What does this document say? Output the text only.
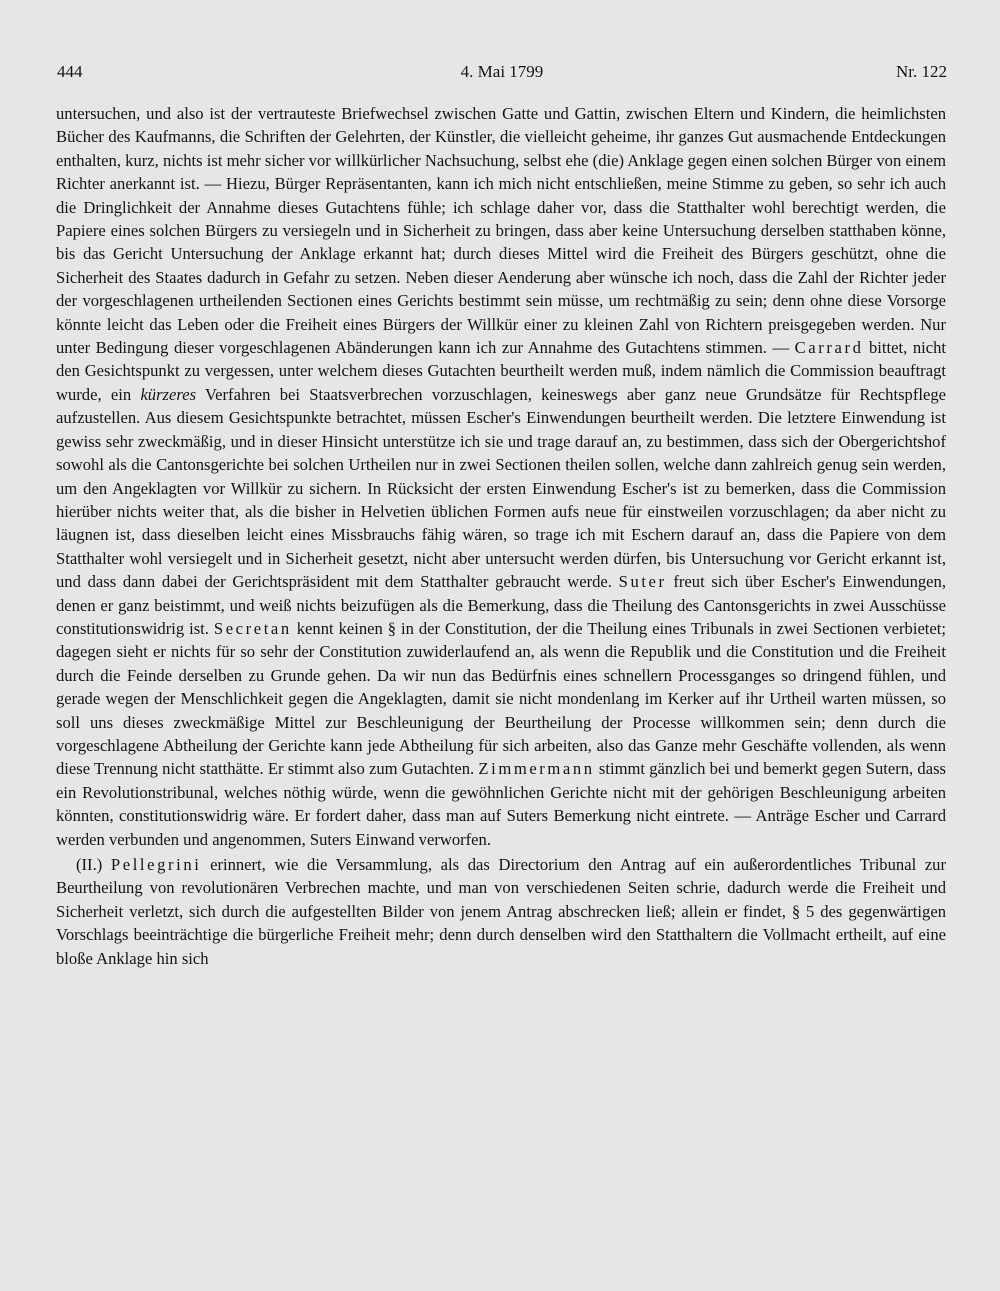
444	4. Mai 1799	Nr. 122

untersuchen, und also ist der vertrauteste Briefwechsel zwischen Gatte und Gattin, zwischen Eltern und Kindern, die heimlichsten Bücher des Kaufmanns, die Schriften der Gelehrten, der Künstler, die vielleicht geheime, ihr ganzes Gut ausmachende Entdeckungen enthalten, kurz, nichts ist mehr sicher vor willkürlicher Nachsuchung, selbst ehe (die) Anklage gegen einen solchen Bürger von einem Richter anerkannt ist. — Hiezu, Bürger Repräsentanten, kann ich mich nicht entschließen, meine Stimme zu geben, so sehr ich auch die Dringlichkeit der Annahme dieses Gutachtens fühle; ich schlage daher vor, dass die Statthalter wohl berechtigt werden, die Papiere eines solchen Bürgers zu versiegeln und in Sicherheit zu bringen, dass aber keine Untersuchung derselben statthaben könne, bis das Gericht Untersuchung der Anklage erkannt hat; durch dieses Mittel wird die Freiheit des Bürgers geschützt, ohne die Sicherheit des Staates dadurch in Gefahr zu setzen. Neben dieser Aenderung aber wünsche ich noch, dass die Zahl der Richter jeder der vorgeschlagenen urtheilenden Sectionen eines Gerichts bestimmt sein müsse, um rechtmäßig zu sein; denn ohne diese Vorsorge könnte leicht das Leben oder die Freiheit eines Bürgers der Willkür einer zu kleinen Zahl von Richtern preisgegeben werden. Nur unter Bedingung dieser vorgeschlagenen Abänderungen kann ich zur Annahme des Gutachtens stimmen. — Carrard bittet, nicht den Gesichtspunkt zu vergessen, unter welchem dieses Gutachten beurtheilt werden muß, indem nämlich die Commission beauftragt wurde, ein kürzeres Verfahren bei Staatsverbrechen vorzuschlagen, keineswegs aber ganz neue Grundsätze für Rechtspflege aufzustellen. Aus diesem Gesichtspunkte betrachtet, müssen Escher's Einwendungen beurtheilt werden. Die letztere Einwendung ist gewiss sehr zweckmäßig, und in dieser Hinsicht unterstütze ich sie und trage darauf an, zu bestimmen, dass sich der Obergerichtshof sowohl als die Cantonsgerichte bei solchen Urtheilen nur in zwei Sectionen theilen sollen, welche dann zahlreich genug sein werden, um den Angeklagten vor Willkür zu sichern. In Rücksicht der ersten Einwendung Escher's ist zu bemerken, dass die Commission hierüber nichts weiter that, als die bisher in Helvetien üblichen Formen aufs neue für einstweilen vorzuschlagen; da aber nicht zu läugnen ist, dass dieselben leicht eines Missbrauchs fähig wären, so trage ich mit Eschern darauf an, dass die Papiere von dem Statthalter wohl versiegelt und in Sicherheit gesetzt, nicht aber untersucht werden dürfen, bis Untersuchung vor Gericht erkannt ist, und dass dann dabei der Gerichtspräsident mit dem Statthalter gebraucht werde. Suter freut sich über Escher's Einwendungen, denen er ganz beistimmt, und weiß nichts beizufügen als die Bemerkung, dass die Theilung des Cantonsgerichts in zwei Ausschüsse constitutionswidrig ist. Secretan kennt keinen § in der Constitution, der die Theilung eines Tribunals in zwei Sectionen verbietet; dagegen sieht er nichts für so sehr der Constitution zuwiderlaufend an, als wenn die Republik und die Constitution und die Freiheit durch die Feinde derselben zu Grunde gehen. Da wir nun das Bedürfnis eines schnellern Processganges so dringend fühlen, und gerade wegen der Menschlichkeit gegen die Angeklagten, damit sie nicht mondenlang im Kerker auf ihr Urtheil warten müssen, so soll uns dieses zweckmäßige Mittel zur Beschleunigung der Beurtheilung der Processe willkommen sein; denn durch die vorgeschlagene Abtheilung der Gerichte kann jede Abtheilung für sich arbeiten, also das Ganze mehr Geschäfte vollenden, als wenn diese Trennung nicht statthätte. Er stimmt also zum Gutachten. Zimmermann stimmt gänzlich bei und bemerkt gegen Sutern, dass ein Revolutionstribunal, welches nöthig würde, wenn die gewöhnlichen Gerichte nicht mit der gehörigen Beschleunigung arbeiten könnten, constitutionswidrig wäre. Er fordert daher, dass man auf Suters Bemerkung nicht eintrete. — Anträge Escher und Carrard werden verbunden und angenommen, Suters Einwand verworfen.

(II.) Pellegrini erinnert, wie die Versammlung, als das Directorium den Antrag auf ein außerordentliches Tribunal zur Beurtheilung von revolutionären Verbrechen machte, und man von verschiedenen Seiten schrie, dadurch werde die Freiheit und Sicherheit verletzt, sich durch die aufgestellten Bilder von jenem Antrag abschrecken ließ; allein er findet, § 5 des gegenwärtigen Vorschlags beeinträchtige die bürgerliche Freiheit mehr; denn durch denselben wird den Statthaltern die Vollmacht ertheilt, auf eine bloße Anklage hin sich
